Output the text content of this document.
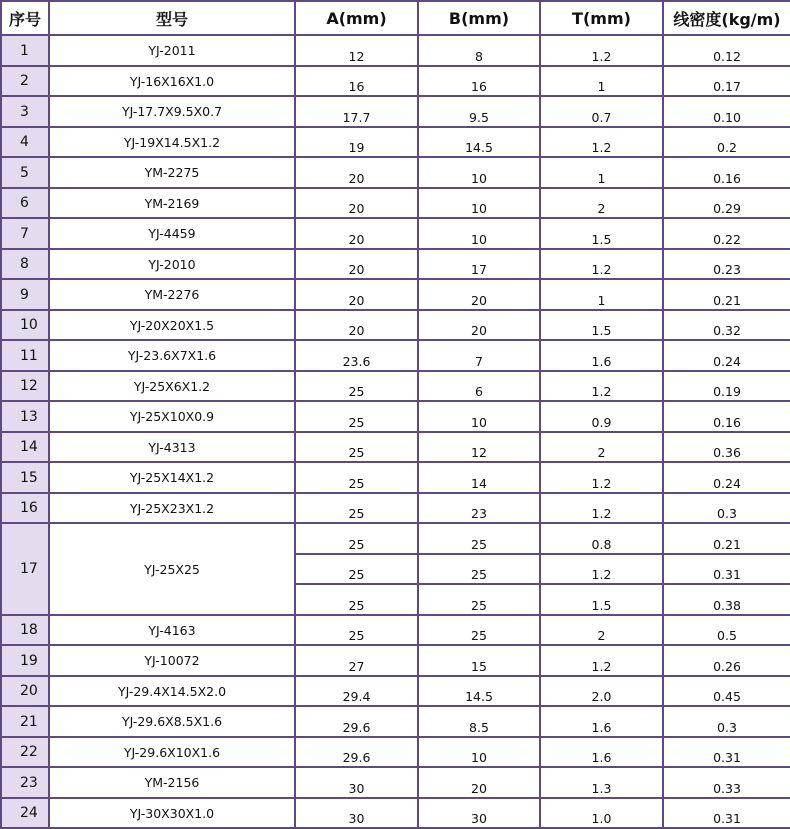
序号	型号	A(mm)	B(mm)	T(mm)	线密度(kg/m)
1	YJ-2011	12	8	1.2	0.12
2	YJ-16X16X1.0	16	16	1	0.17
3	YJ-17.7X9.5X0.7	17.7	9.5	0.7	0.10
4	YJ-19X14.5X1.2	19	14.5	1.2	0.2
5	YM-2275	20	10	1	0.16
6	YM-2169	20	10	2	0.29
7	YJ-4459	20	10	1.5	0.22
8	YJ-2010	20	17	1.2	0.23
9	YM-2276	20	20	1	0.21
10	YJ-20X20X1.5	20	20	1.5	0.32
11	YJ-23.6X7X1.6	23.6	7	1.6	0.24
12	YJ-25X6X1.2	25	6	1.2	0.19
13	YJ-25X10X0.9	25	10	0.9	0.16
14	YJ-4313	25	12	2	0.36
15	YJ-25X14X1.2	25	14	1.2	0.24
16	YJ-25X23X1.2	25	23	1.2	0.3
17	YJ-25X25	25	25	0.8	0.21
		25	25	1.2	0.31
		25	25	1.5	0.38
18	YJ-4163	25	25	2	0.5
19	YJ-10072	27	15	1.2	0.26
20	YJ-29.4X14.5X2.0	29.4	14.5	2.0	0.45
21	YJ-29.6X8.5X1.6	29.6	8.5	1.6	0.3
22	YJ-29.6X10X1.6	29.6	10	1.6	0.31
23	YM-2156	30	20	1.3	0.33
24	YJ-30X30X1.0	30	30	1.0	0.31
